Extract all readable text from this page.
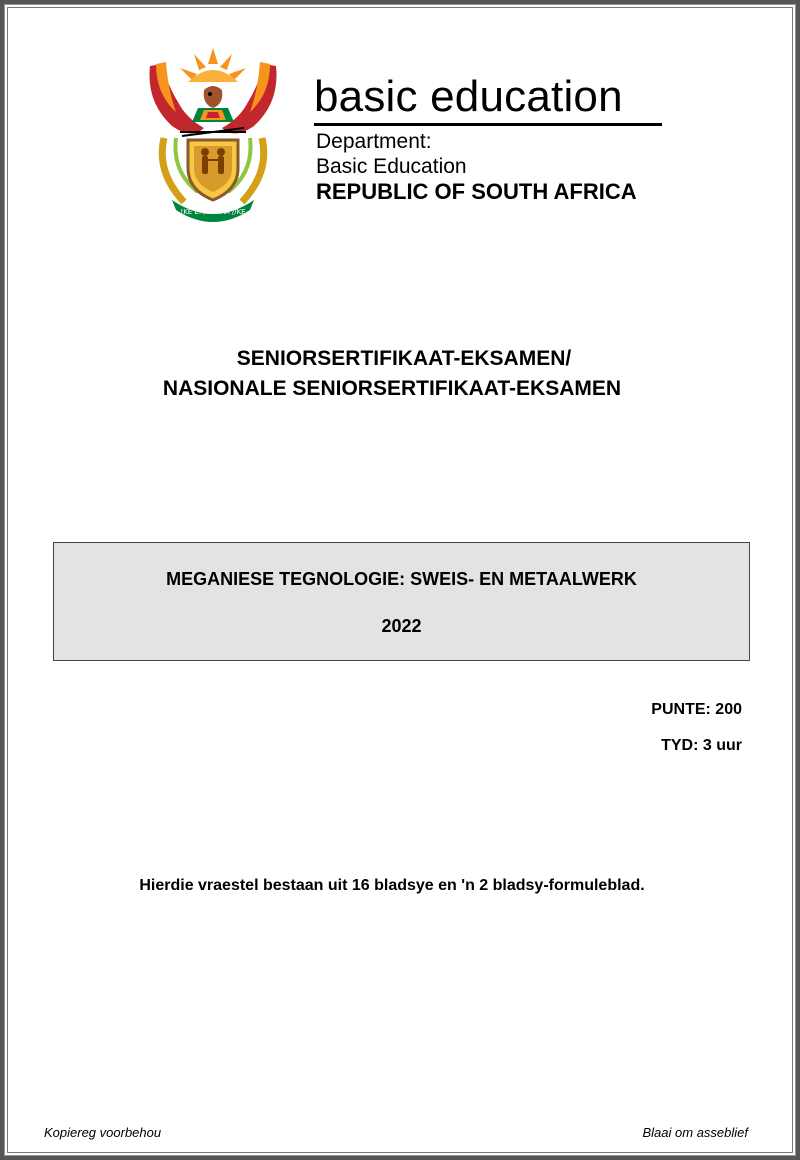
!KE E: /XARRA //KE
basic education
Department:
Basic Education
REPUBLIC OF SOUTH AFRICA
SENIORSERTIFIKAAT-EKSAMEN/
NASIONALE SENIORSERTIFIKAAT-EKSAMEN
MEGANIESE TEGNOLOGIE: SWEIS- EN METAALWERK
2022
PUNTE: 200
TYD: 3 uur
Hierdie vraestel bestaan uit 16 bladsye en 'n 2 bladsy-formuleblad.
Kopiereg voorbehou	Blaai om asseblief
